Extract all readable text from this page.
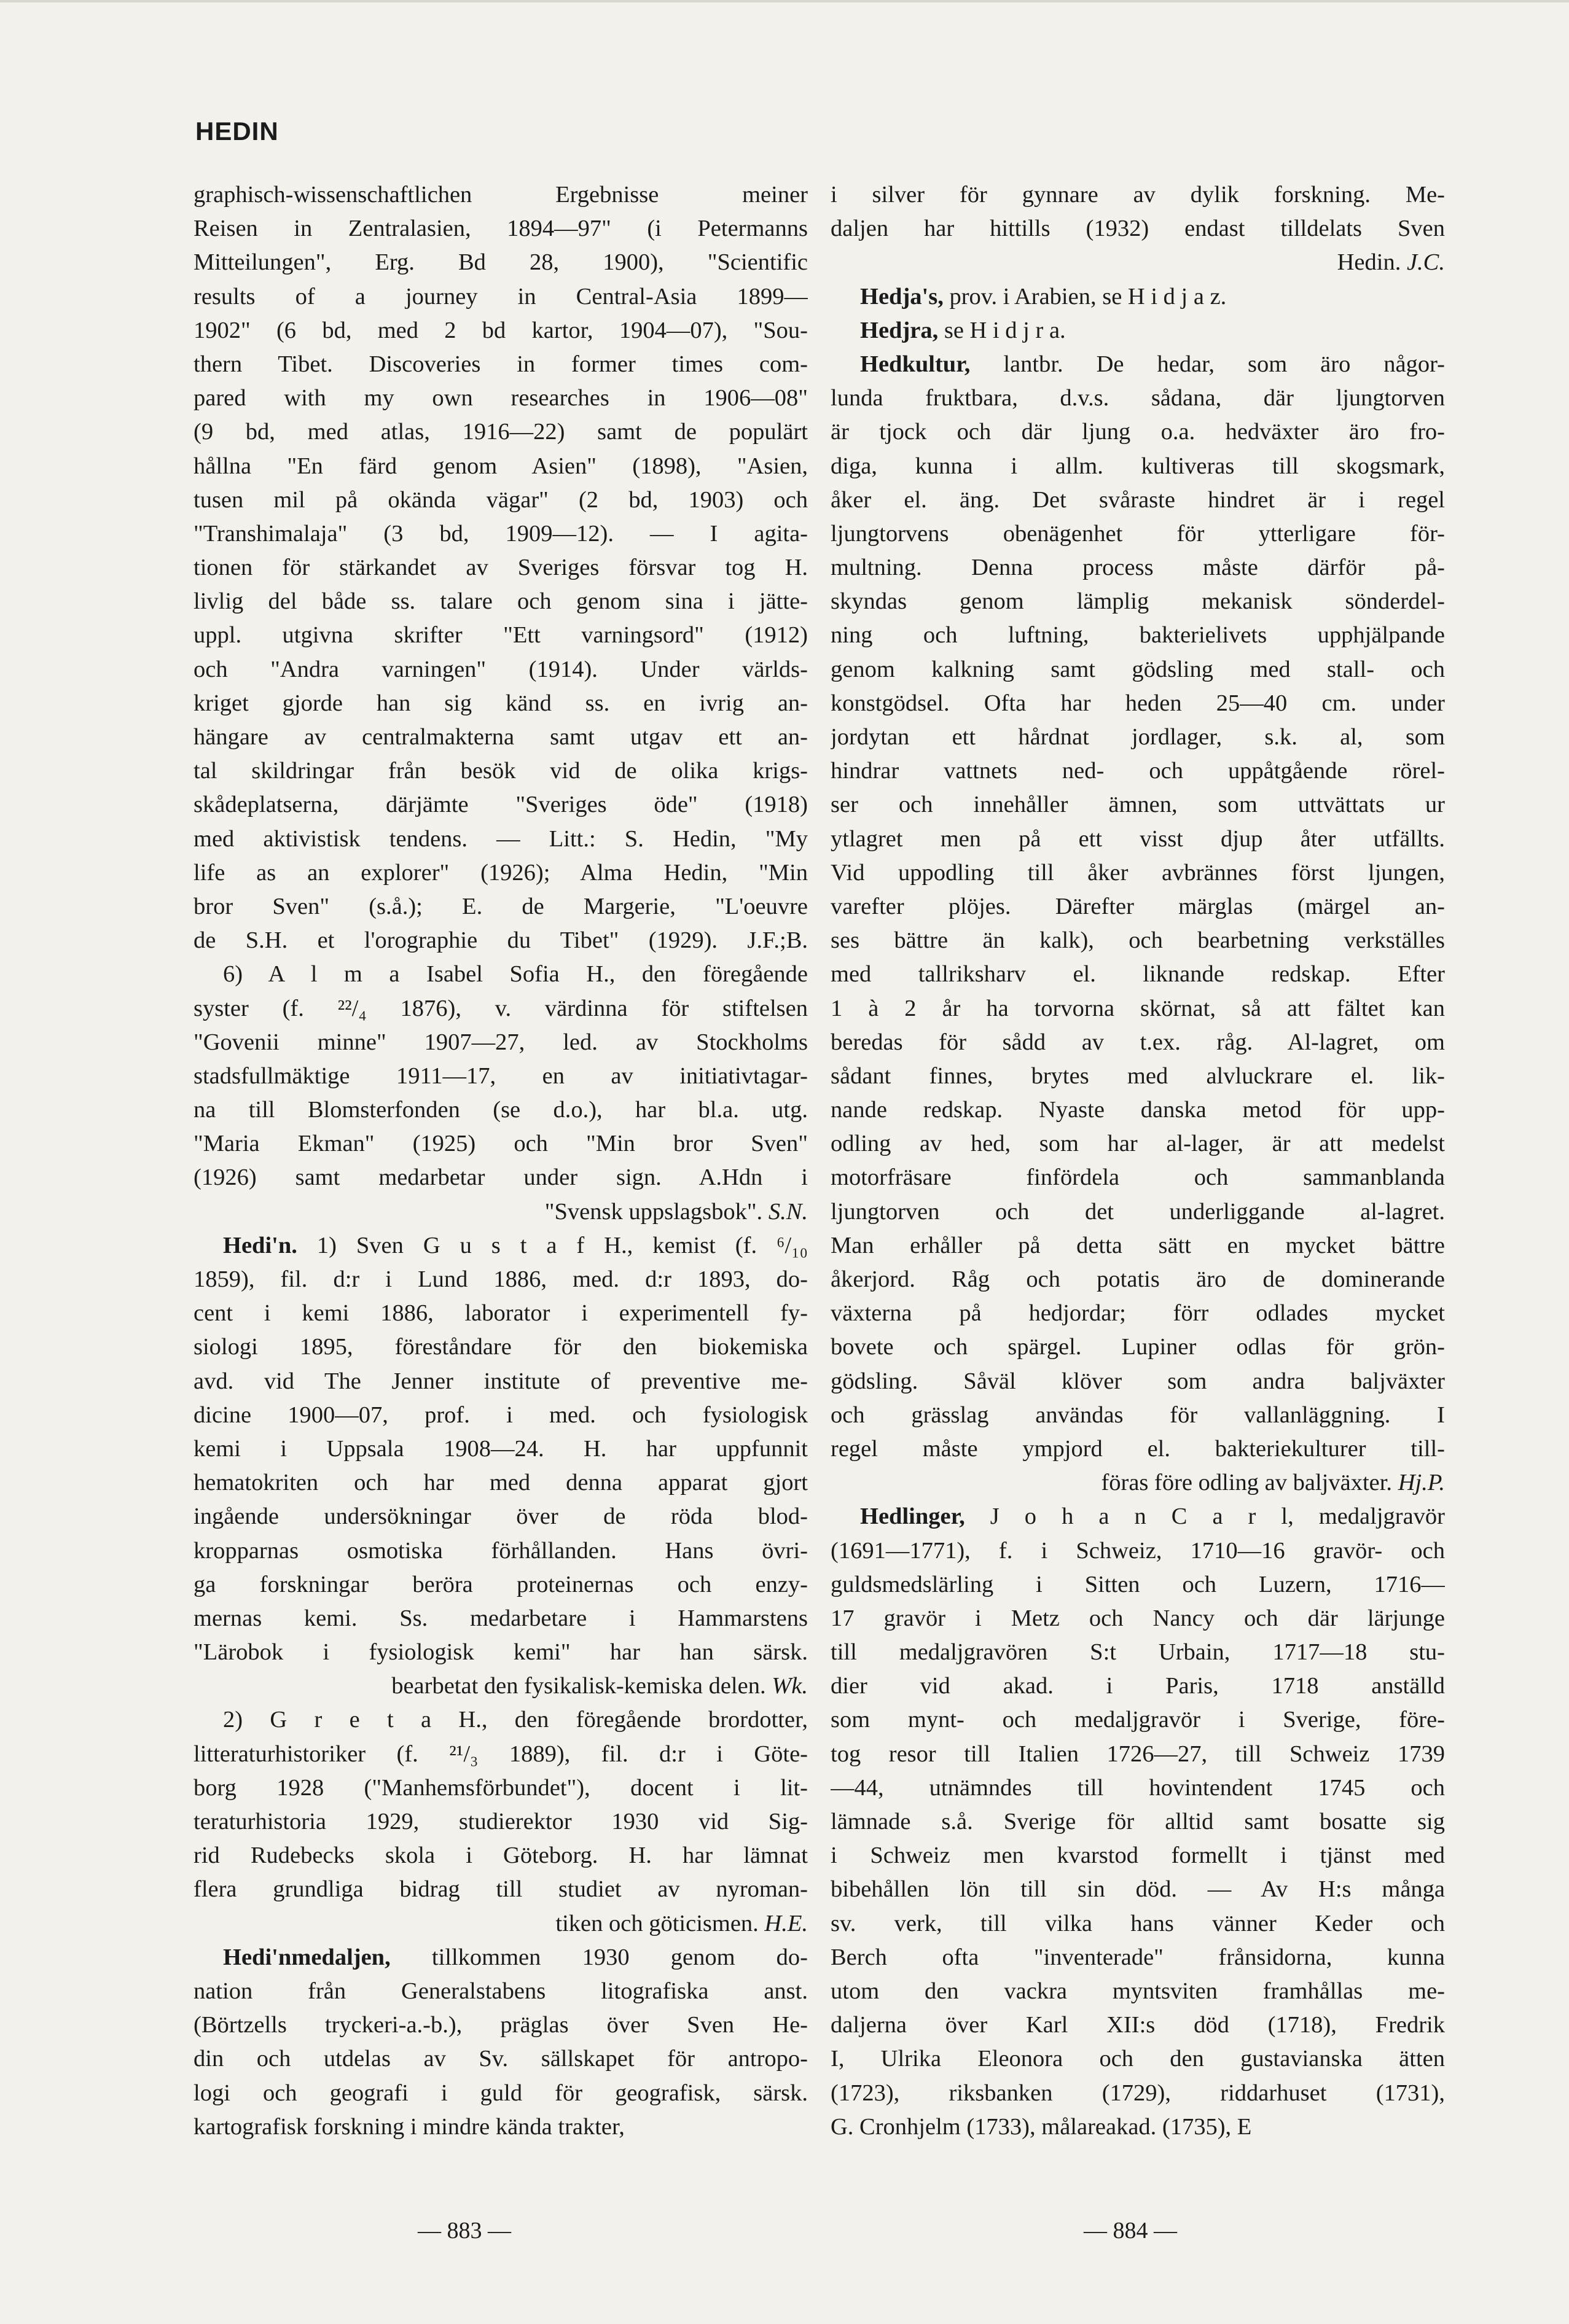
HEDIN
graphisch-wissenschaftlichen Ergebnisse meiner
Reisen in Zentralasien, 1894—97" (i Petermanns
Mitteilungen", Erg. Bd 28, 1900), "Scientific
results of a journey in Central-Asia 1899—
1902" (6 bd, med 2 bd kartor, 1904—07), "Sou-
thern Tibet. Discoveries in former times com-
pared with my own researches in 1906—08"
(9 bd, med atlas, 1916—22) samt de populärt
hållna "En färd genom Asien" (1898), "Asien,
tusen mil på okända vägar" (2 bd, 1903) och
"Transhimalaja" (3 bd, 1909—12). — I agita-
tionen för stärkandet av Sveriges försvar tog H.
livlig del både ss. talare och genom sina i jätte-
uppl. utgivna skrifter "Ett varningsord" (1912)
och "Andra varningen" (1914). Under världs-
kriget gjorde han sig känd ss. en ivrig an-
hängare av centralmakterna samt utgav ett an-
tal skildringar från besök vid de olika krigs-
skådeplatserna, därjämte "Sveriges öde" (1918)
med aktivistisk tendens. — Litt.: S. Hedin, "My
life as an explorer" (1926); Alma Hedin, "Min
bror Sven" (s.å.); E. de Margerie, "L'oeuvre
de S.H. et l'orographie du Tibet" (1929). J.F.;B.
6) A l m a Isabel Sofia H., den föregående
syster (f. ²²/₄ 1876), v. värdinna för stiftelsen
"Govenii minne" 1907—27, led. av Stockholms
stadsfullmäktige 1911—17, en av initiativtagar-
na till Blomsterfonden (se d.o.), har bl.a. utg.
"Maria Ekman" (1925) och "Min bror Sven"
(1926) samt medarbetar under sign. A.Hdn i
"Svensk uppslagsbok". S.N.
Hedi'n. 1) Sven G u s t a f H., kemist (f. ⁶/₁₀
1859), fil. d:r i Lund 1886, med. d:r 1893, do-
cent i kemi 1886, laborator i experimentell fy-
siologi 1895, föreståndare för den biokemiska
avd. vid The Jenner institute of preventive me-
dicine 1900—07, prof. i med. och fysiologisk
kemi i Uppsala 1908—24. H. har uppfunnit
hematokriten och har med denna apparat gjort
ingående undersökningar över de röda blod-
kropparnas osmotiska förhållanden. Hans övri-
ga forskningar beröra proteinernas och enzy-
mernas kemi. Ss. medarbetare i Hammarstens
"Lärobok i fysiologisk kemi" har han särsk.
bearbetat den fysikalisk-kemiska delen. Wk.
2) G r e t a H., den föregående brordotter,
litteraturhistoriker (f. ²¹/₃ 1889), fil. d:r i Göte-
borg 1928 ("Manhemsförbundet"), docent i lit-
teraturhistoria 1929, studierektor 1930 vid Sig-
rid Rudebecks skola i Göteborg. H. har lämnat
flera grundliga bidrag till studiet av nyroman-
tiken och göticismen. H.E.
Hedi'nmedaljen, tillkommen 1930 genom do-
nation från Generalstabens litografiska anst.
(Börtzells tryckeri-a.-b.), präglas över Sven He-
din och utdelas av Sv. sällskapet för antropo-
logi och geografi i guld för geografisk, särsk.
kartografisk forskning i mindre kända trakter,
i silver för gynnare av dylik forskning. Me-
daljen har hittills (1932) endast tilldelats Sven
Hedin. J.C.
Hedja's, prov. i Arabien, se H i d j a z.
Hedjra, se H i d j r a.
Hedkultur, lantbr. De hedar, som äro någor-
lunda fruktbara, d.v.s. sådana, där ljungtorven
är tjock och där ljung o.a. hedväxter äro fro-
diga, kunna i allm. kultiveras till skogsmark,
åker el. äng. Det svåraste hindret är i regel
ljungtorvens obenägenhet för ytterligare för-
multning. Denna process måste därför på-
skyndas genom lämplig mekanisk sönderdel-
ning och luftning, bakterielivets upphjälpande
genom kalkning samt gödsling med stall- och
konstgödsel. Ofta har heden 25—40 cm. under
jordytan ett hårdnat jordlager, s.k. al, som
hindrar vattnets ned- och uppåtgående rörel-
ser och innehåller ämnen, som uttvättats ur
ytlagret men på ett visst djup åter utfällts.
Vid uppodling till åker avbrännes först ljungen,
varefter plöjes. Därefter märglas (märgel an-
ses bättre än kalk), och bearbetning verkställes
med tallriksharv el. liknande redskap. Efter
1 à 2 år ha torvorna skörnat, så att fältet kan
beredas för sådd av t.ex. råg. Al-lagret, om
sådant finnes, brytes med alvluckrare el. lik-
nande redskap. Nyaste danska metod för upp-
odling av hed, som har al-lager, är att medelst
motorfräsare finfördela och sammanblanda
ljungtorven och det underliggande al-lagret.
Man erhåller på detta sätt en mycket bättre
åkerjord. Råg och potatis äro de dominerande
växterna på hedjordar; förr odlades mycket
bovete och spärgel. Lupiner odlas för grön-
gödsling. Såväl klöver som andra baljväxter
och grässlag användas för vallanläggning. I
regel måste ympjord el. bakteriekulturer till-
föras före odling av baljväxter. Hj.P.
Hedlinger, J o h a n C a r l, medaljgravör
(1691—1771), f. i Schweiz, 1710—16 gravör- och
guldsmedslärling i Sitten och Luzern, 1716—
17 gravör i Metz och Nancy och där lärjunge
till medaljgravören S:t Urbain, 1717—18 stu-
dier vid akad. i Paris, 1718 anställd
som mynt- och medaljgravör i Sverige, före-
tog resor till Italien 1726—27, till Schweiz 1739
—44, utnämndes till hovintendent 1745 och
lämnade s.å. Sverige för alltid samt bosatte sig
i Schweiz men kvarstod formellt i tjänst med
bibehållen lön till sin död. — Av H:s många
sv. verk, till vilka hans vänner Keder och
Berch ofta "inventerade" frånsidorna, kunna
utom den vackra myntsviten framhållas me-
daljerna över Karl XII:s död (1718), Fredrik
I, Ulrika Eleonora och den gustavianska ätten
(1723), riksbanken (1729), riddarhuset (1731),
G. Cronhjelm (1733), målareakad. (1735), E
— 883 —	— 884 —
